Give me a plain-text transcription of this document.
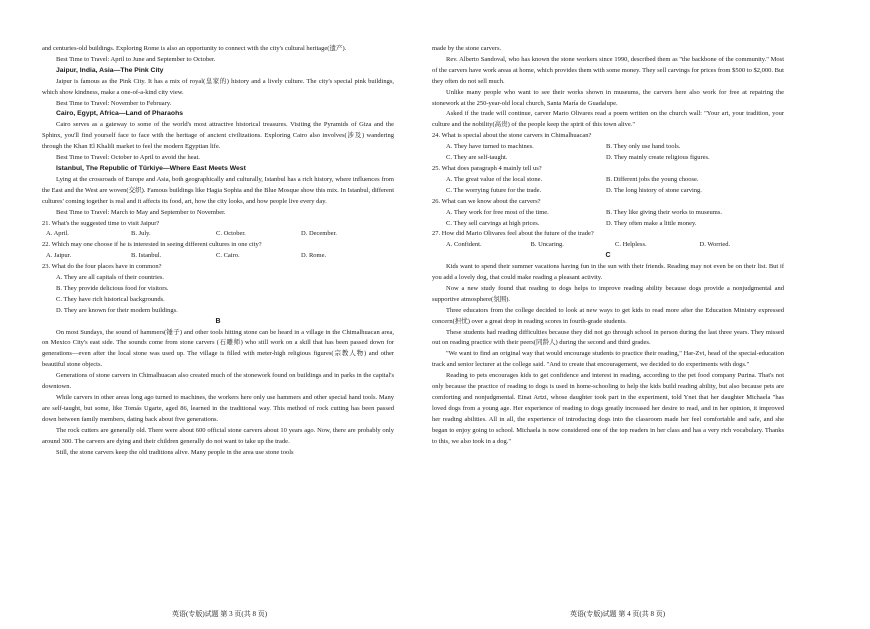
and centuries-old buildings. Exploring Rome is also an opportunity to connect with the city's cultural heritage(遗产).

Best Time to Travel: April to June and September to October.

Jaipur, India, Asia—The Pink City

Jaipur is famous as the Pink City. It has a mix of royal(皇家的) history and a lively culture. The city's special pink buildings, which show kindness, make a one-of-a-kind city view.

Best Time to Travel: November to February.

Cairo, Egypt, Africa—Land of Pharaohs

Cairo serves as a gateway to some of the world's most attractive historical treasures. Visiting the Pyramids of Giza and the Sphinx, you'll find yourself face to face with the heritage of ancient civilizations. Exploring Cairo also involves(涉及) wandering through the Khan El Khalili market to feel the modern Egyptian life.

Best Time to Travel: October to April to avoid the heat.

Istanbul, The Republic of Türkiye—Where East Meets West

Lying at the crossroads of Europe and Asia, both geographically and culturally, Istanbul has a rich history, where influences from the East and the West are woven(交织). Famous buildings like Hagia Sophia and the Blue Mosque show this mix. In Istanbul, different cultures' coming together is real and it affects its food, art, how the city looks, and how people live every day.

Best Time to Travel: March to May and September to November.

21. What's the suggested time to visit Jaipur?

A. April.	B. July.	C. October.	D. December.

22. Which may one choose if he is interested in seeing different cultures in one city?

A. Jaipur.	B. Istanbul.	C. Cairo.	D. Rome.

23. What do the four places have in common?

A. They are all capitals of their countries.

B. They provide delicious food for visitors.

C. They have rich historical backgrounds.

D. They are known for their modern buildings.

B

On most Sundays, the sound of hammers(锤子) and other tools hitting stone can be heard in a village in the Chimalhuacan area, on Mexico City's east side. The sounds come from stone carvers (石雕师) who still work on a skill that has been passed down for generations—even after the local stone was used up. The village is filled with meter-high religious figures(宗教人物) and other beautiful stone objects.

Generations of stone carvers in Chimalhuacan also created much of the stonework found on buildings and in parks in the capital's downtown.

While carvers in other areas long ago turned to machines, the workers here only use hammers and other special hand tools. Many are self-taught, but some, like Tomás Ugarte, aged 86, learned in the traditional way. This method of rock cutting has been passed down between family members, dating back about five generations.

The rock cutters are generally old. There were about 600 official stone carvers about 10 years ago. Now, there are probably only around 300. The carvers are dying and their children generally do not want to take up the trade.

Still, the stone carvers keep the old traditions alive. Many people in the area use stone tools

made by the stone carvers.

Rev. Alberto Sandoval, who has known the stone workers since 1990, described them as "the backbone of the community." Most of the carvers have work areas at home, which provides them with some money. They sell carvings for prices from $500 to $2,000. But they often do not sell much.

Unlike many people who want to see their works shown in museums, the carvers here also work for free at repairing the stonework at the 250-year-old local church, Santa María de Guadalupe.

Asked if the trade will continue, carver Mario Olivares read a poem written on the church wall: "Your art, your tradition, your culture and the nobility(高贵) of the people keep the spirit of this town alive."

24. What is special about the stone carvers in Chimalhuacan?

A. They have turned to machines.	B. They only use hand tools.
C. They are self-taught.	D. They mainly create religious figures.

25. What does paragraph 4 mainly tell us?

A. The great value of the local stone.	B. Different jobs the young choose.
C. The worrying future for the trade.	D. The long history of stone carving.

26. What can we know about the carvers?

A. They work for free most of the time.	B. They like giving their works to museums.
C. They sell carvings at high prices.	D. They often make a little money.

27. How did Mario Olivares feel about the future of the trade?

A. Confident.	B. Uncaring.	C. Helpless.	D. Worried.

C

Kids want to spend their summer vacations having fun in the sun with their friends. Reading may not even be on their list. But if you add a lovely dog, that could make reading a pleasant activity.

Now a new study found that reading to dogs helps to improve reading ability because dogs provide a nonjudgmental and supportive atmosphere(氛围).

Three educators from the college decided to look at new ways to get kids to read more after the Education Ministry expressed concern(担忧) over a great drop in reading scores in fourth-grade students.

These students had reading difficulties because they did not go through school in person during the last three years. They missed out on reading practice with their peers(同龄人) during the second and third grades.

"We want to find an original way that would encourage students to practice their reading," Har-Zvi, head of the special-education track and senior lecturer at the college said. "And to create that encouragement, we decided to do experiments with dogs."

Reading to pets encourages kids to get confidence and interest in reading, according to the pet food company Purina. That's not only because the practice of reading to dogs is used in home-schooling to help the kids build reading ability, but also because pets are comforting and nonjudgmental. Einat Artzi, whose daughter took part in the experiment, told Ynet that her daughter Michaela "has loved dogs from a young age. Her experience of reading to dogs greatly increased her desire to read, and in her opinion, it improved her reading abilities. All in all, the experience of introducing dogs into the classroom made her feel comfortable and safe, and she began to enjoy going to school. Michaela is now considered one of the top readers in her class and has a very rich vocabulary. Thanks to this, we also took in a dog."

英语(专版)试题 第 3 页(共 8 页)	英语(专版)试题 第 4 页(共 8 页)
